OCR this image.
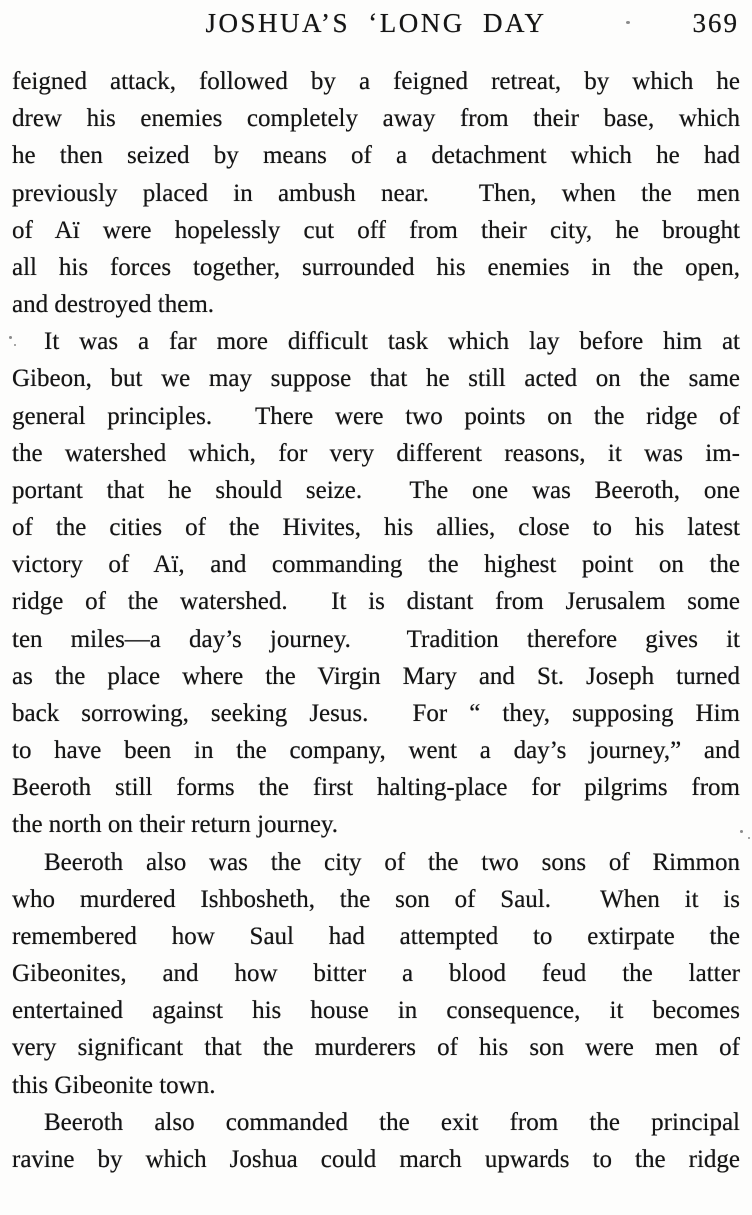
JOSHUA’S ‘LONG DAY	369
feigned attack, followed by a feigned retreat, by which he
drew his enemies completely away from their base, which
he then seized by means of a detachment which he had
previously placed in ambush near.  Then, when the men
of Aï were hopelessly cut off from their city, he brought
all his forces together, surrounded his enemies in the open,
and destroyed them.
It was a far more difficult task which lay before him at
Gibeon, but we may suppose that he still acted on the same
general principles.  There were two points on the ridge of
the watershed which, for very different reasons, it was im-
portant that he should seize.  The one was Beeroth, one
of the cities of the Hivites, his allies, close to his latest
victory of Aï, and commanding the highest point on the
ridge of the watershed.  It is distant from Jerusalem some
ten miles—a day’s journey.  Tradition therefore gives it
as the place where the Virgin Mary and St. Joseph turned
back sorrowing, seeking Jesus.  For “ they, supposing Him
to have been in the company, went a day’s journey,” and
Beeroth still forms the first halting-place for pilgrims from
the north on their return journey.
Beeroth also was the city of the two sons of Rimmon
who murdered Ishbosheth, the son of Saul.  When it is
remembered how Saul had attempted to extirpate the
Gibeonites, and how bitter a blood feud the latter
entertained against his house in consequence, it becomes
very significant that the murderers of his son were men of
this Gibeonite town.
Beeroth also commanded the exit from the principal
ravine by which Joshua could march upwards to the ridge
